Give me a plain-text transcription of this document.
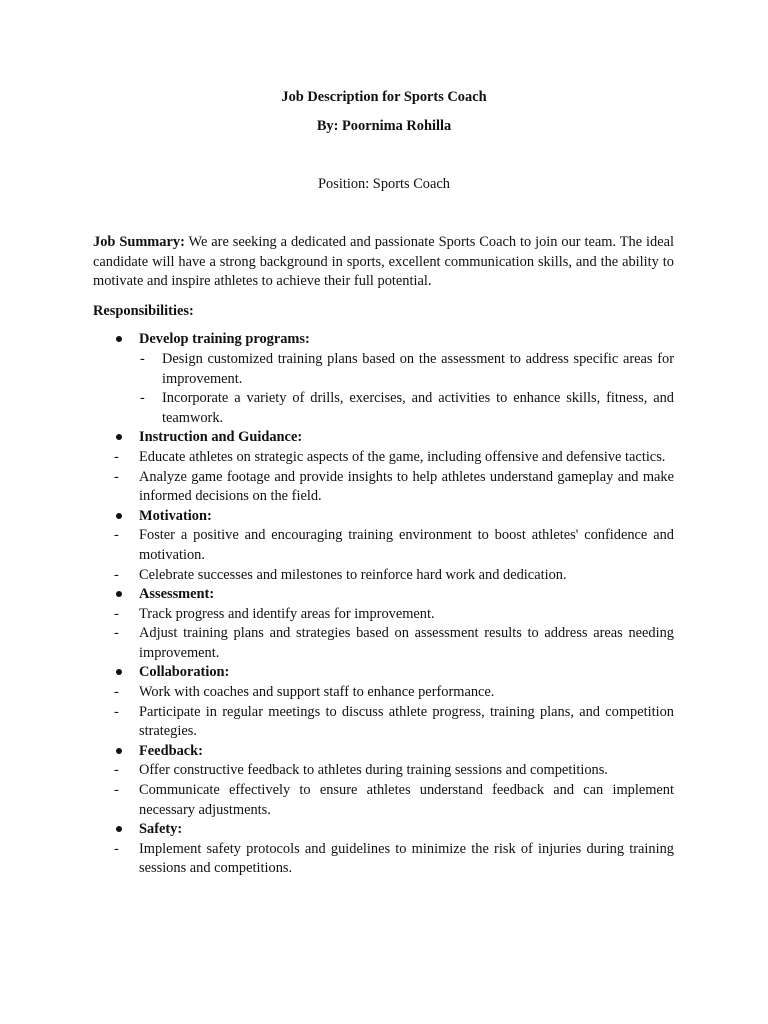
Job Description for Sports Coach
By: Poornima Rohilla
Position: Sports Coach

Job Summary: We are seeking a dedicated and passionate Sports Coach to join our team. The ideal candidate will have a strong background in sports, excellent communication skills, and the ability to motivate and inspire athletes to achieve their full potential.

Responsibilities:

Develop training programs:
- Design customized training plans based on the assessment to address specific areas for improvement.
- Incorporate a variety of drills, exercises, and activities to enhance skills, fitness, and teamwork.
Instruction and Guidance:
- Educate athletes on strategic aspects of the game, including offensive and defensive tactics.
- Analyze game footage and provide insights to help athletes understand gameplay and make informed decisions on the field.
Motivation:
- Foster a positive and encouraging training environment to boost athletes' confidence and motivation.
- Celebrate successes and milestones to reinforce hard work and dedication.
Assessment:
- Track progress and identify areas for improvement.
- Adjust training plans and strategies based on assessment results to address areas needing improvement.
Collaboration:
- Work with coaches and support staff to enhance performance.
- Participate in regular meetings to discuss athlete progress, training plans, and competition strategies.
Feedback:
- Offer constructive feedback to athletes during training sessions and competitions.
- Communicate effectively to ensure athletes understand feedback and can implement necessary adjustments.
Safety:
- Implement safety protocols and guidelines to minimize the risk of injuries during training sessions and competitions.
